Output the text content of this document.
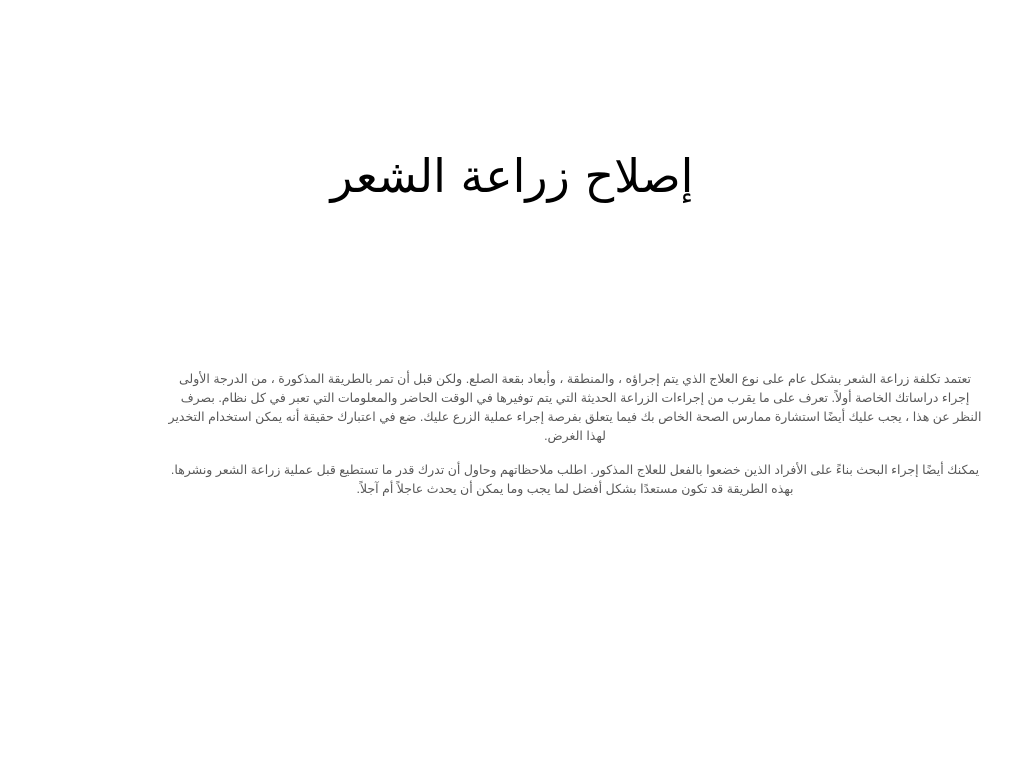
إصلاح زراعة الشعر

تعتمد تكلفة زراعة الشعر بشكل عام على نوع العلاج الذي يتم إجراؤه ، والمنطقة ، وأبعاد بقعة الصلع. ولكن قبل أن تمر بالطريقة المذكورة ، من الدرجة الأولى إجراء دراساتك الخاصة أولاً. تعرف على ما يقرب من إجراءات الزراعة الحديثة التي يتم توفيرها في الوقت الحاضر والمعلومات التي تعبر في كل نظام. بصرف النظر عن هذا ، يجب عليك أيضًا استشارة ممارس الصحة الخاص بك فيما يتعلق بفرصة إجراء عملية الزرع عليك. ضع في اعتبارك حقيقة أنه يمكن استخدام التخدير لهذا الغرض.

يمكنك أيضًا إجراء البحث بناءً على الأفراد الذين خضعوا بالفعل للعلاج المذكور. اطلب ملاحظاتهم وحاول أن تدرك قدر ما تستطيع قبل عملية زراعة الشعر ونشرها. بهذه الطريقة قد تكون مستعدًا بشكل أفضل لما يجب وما يمكن أن يحدث عاجلاً أم آجلاً.
